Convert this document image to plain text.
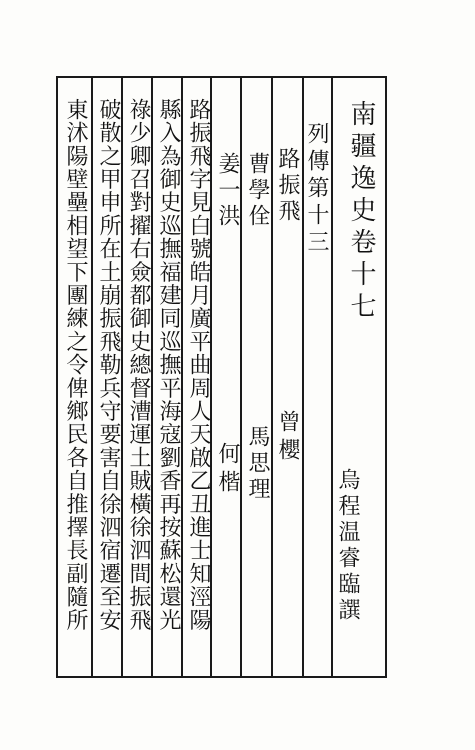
南疆逸史卷十七
烏程温睿臨譔
列傳第十三
路振飛
曾櫻
曹學佺
馬思理
姜一洪
何楷
路振飛字見白號皓月廣平曲周人天啟乙丑進士知涇陽
縣入為御史巡撫福建同巡撫平海寇劉香再按蘇松還光
祿少卿召對擢右僉都御史總督漕運土賊橫徐泗間振飛
破散之甲申所在土崩振飛勒兵守要害自徐泗宿遷至安
東沭陽壁壘相望下團練之令俾鄉民各自推擇長副隨所
